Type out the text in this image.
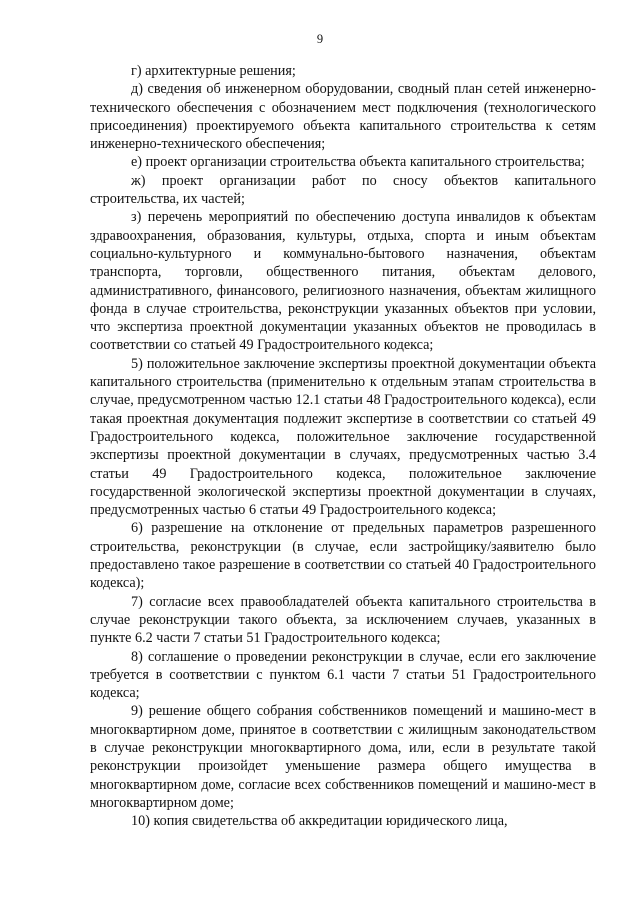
9

г) архитектурные решения;

д) сведения об инженерном оборудовании, сводный план сетей инженерно-технического обеспечения с обозначением мест подключения (технологического присоединения) проектируемого объекта капитального строительства к сетям инженерно-технического обеспечения;

е) проект организации строительства объекта капитального строительства;

ж) проект организации работ по сносу объектов капитального строительства, их частей;

з) перечень мероприятий по обеспечению доступа инвалидов к объектам здравоохранения, образования, культуры, отдыха, спорта и иным объектам социально-культурного и коммунально-бытового назначения, объектам транспорта, торговли, общественного питания, объектам делового, административного, финансового, религиозного назначения, объектам жилищного фонда в случае строительства, реконструкции указанных объектов при условии, что экспертиза проектной документации указанных объектов не проводилась в соответствии со статьей 49 Градостроительного кодекса;

5) положительное заключение экспертизы проектной документации объекта капитального строительства (применительно к отдельным этапам строительства в случае, предусмотренном частью 12.1 статьи 48 Градостроительного кодекса), если такая проектная документация подлежит экспертизе в соответствии со статьей 49 Градостроительного кодекса, положительное заключение государственной экспертизы проектной документации в случаях, предусмотренных частью 3.4 статьи 49 Градостроительного кодекса, положительное заключение государственной экологической экспертизы проектной документации в случаях, предусмотренных частью 6 статьи 49 Градостроительного кодекса;

6) разрешение на отклонение от предельных параметров разрешенного строительства, реконструкции (в случае, если застройщику/заявителю было предоставлено такое разрешение в соответствии со статьей 40 Градостроительного кодекса);

7) согласие всех правообладателей объекта капитального строительства в случае реконструкции такого объекта, за исключением случаев, указанных в пункте 6.2 части 7 статьи 51 Градостроительного кодекса;

8) соглашение о проведении реконструкции в случае, если его заключение требуется в соответствии с пунктом 6.1 части 7 статьи 51 Градостроительного кодекса;

9) решение общего собрания собственников помещений и машино-мест в многоквартирном доме, принятое в соответствии с жилищным законодательством в случае реконструкции многоквартирного дома, или, если в результате такой реконструкции произойдет уменьшение размера общего имущества в многоквартирном доме, согласие всех собственников помещений и машино-мест в многоквартирном доме;

10) копия свидетельства об аккредитации юридического лица,
